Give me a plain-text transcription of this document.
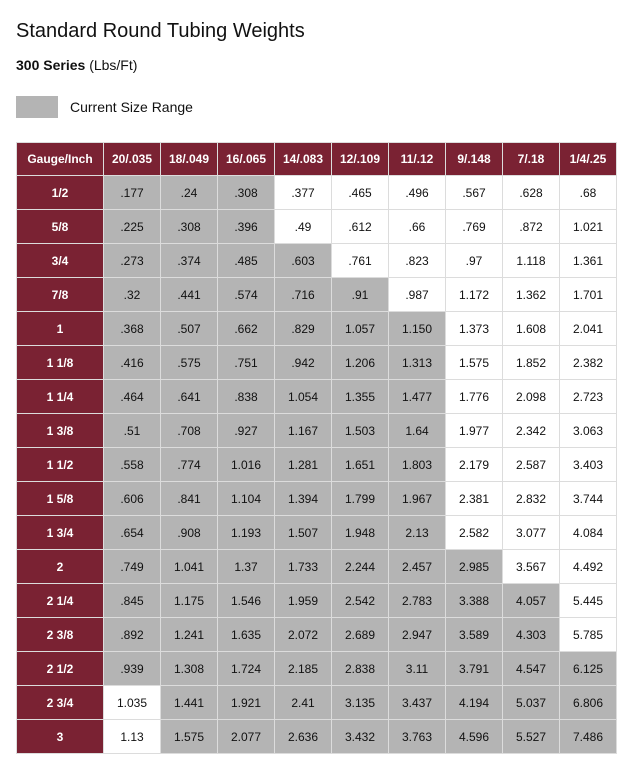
Standard Round Tubing Weights
300 Series (Lbs/Ft)
Current Size Range
Gauge/Inch	20/.035	18/.049	16/.065	14/.083	12/.109	11/.12	9/.148	7/.18	1/4/.25
1/2	.177	.24	.308	.377	.465	.496	.567	.628	.68
5/8	.225	.308	.396	.49	.612	.66	.769	.872	1.021
3/4	.273	.374	.485	.603	.761	.823	.97	1.118	1.361
7/8	.32	.441	.574	.716	.91	.987	1.172	1.362	1.701
1	.368	.507	.662	.829	1.057	1.150	1.373	1.608	2.041
1 1/8	.416	.575	.751	.942	1.206	1.313	1.575	1.852	2.382
1 1/4	.464	.641	.838	1.054	1.355	1.477	1.776	2.098	2.723
1 3/8	.51	.708	.927	1.167	1.503	1.64	1.977	2.342	3.063
1 1/2	.558	.774	1.016	1.281	1.651	1.803	2.179	2.587	3.403
1 5/8	.606	.841	1.104	1.394	1.799	1.967	2.381	2.832	3.744
1 3/4	.654	.908	1.193	1.507	1.948	2.13	2.582	3.077	4.084
2	.749	1.041	1.37	1.733	2.244	2.457	2.985	3.567	4.492
2 1/4	.845	1.175	1.546	1.959	2.542	2.783	3.388	4.057	5.445
2 3/8	.892	1.241	1.635	2.072	2.689	2.947	3.589	4.303	5.785
2 1/2	.939	1.308	1.724	2.185	2.838	3.11	3.791	4.547	6.125
2 3/4	1.035	1.441	1.921	2.41	3.135	3.437	4.194	5.037	6.806
3	1.13	1.575	2.077	2.636	3.432	3.763	4.596	5.527	7.486
